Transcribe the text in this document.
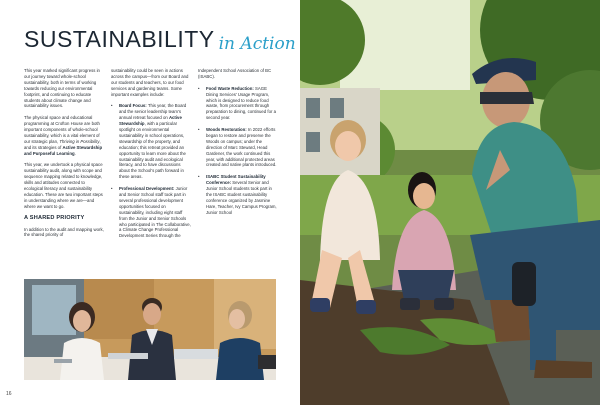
SUSTAINABILITY in Action

This year marked significant progress in our journey toward whole-school sustainability, both in terms of working towards reducing our environmental footprint, and continuing to educate students about climate change and sustainability issues.

The physical space and educational programming at Crofton House are both important components of whole-school sustainability, which is a vital element of our strategic plan, Thriving in Possibility, and its strategies of Active Stewardship and Purposeful Learning.

This year, we undertook a physical space sustainability audit, along with scope and sequence mapping related to knowledge, skills and attitudes connected to ecological literacy and sustainability education. These are two important steps in understanding where we are—and where we want to go.

A SHARED PRIORITY

In addition to the audit and mapping work, the shared priority of

sustainability could be seen in actions across the campus—from our Board and our students and teachers, to our food services and gardening teams. Some important examples include:

• Board Focus: This year, the Board and the senior leadership team's annual retreat focused on Active Stewardship, with a particular spotlight on environmental sustainability in school operations, stewardship of the property, and education; this retreat provided an opportunity to learn more about the sustainability audit and ecological literacy, and to have discussions about the School's path forward in these areas.
• Professional Development: Junior and Senior School staff took part in several professional development opportunities focused on sustainability, including eight staff from the Junior and Senior Schools who participated in The Collaborative, a Climate Change Professional Development Series through the

Independent School Association of BC (ISABC).

• Food Waste Reduction: SAGE Dining Services' Usage Program, which is designed to reduce food waste, from procurement through preparation to dining, continued for a second year.
• Woods Restoration: In 2022 efforts began to restore and preserve the Woods on campus; under the direction of Marc Steward, Head Gardener, the work continued this year, with additional protected areas created and native plants introduced.
• ISABC Student Sustainability Conference: Several Senior and Junior School students took part in the ISABC student sustainability conference organized by Jasmine Hare, Teacher, Ivy Campus Program, Junior School
16
